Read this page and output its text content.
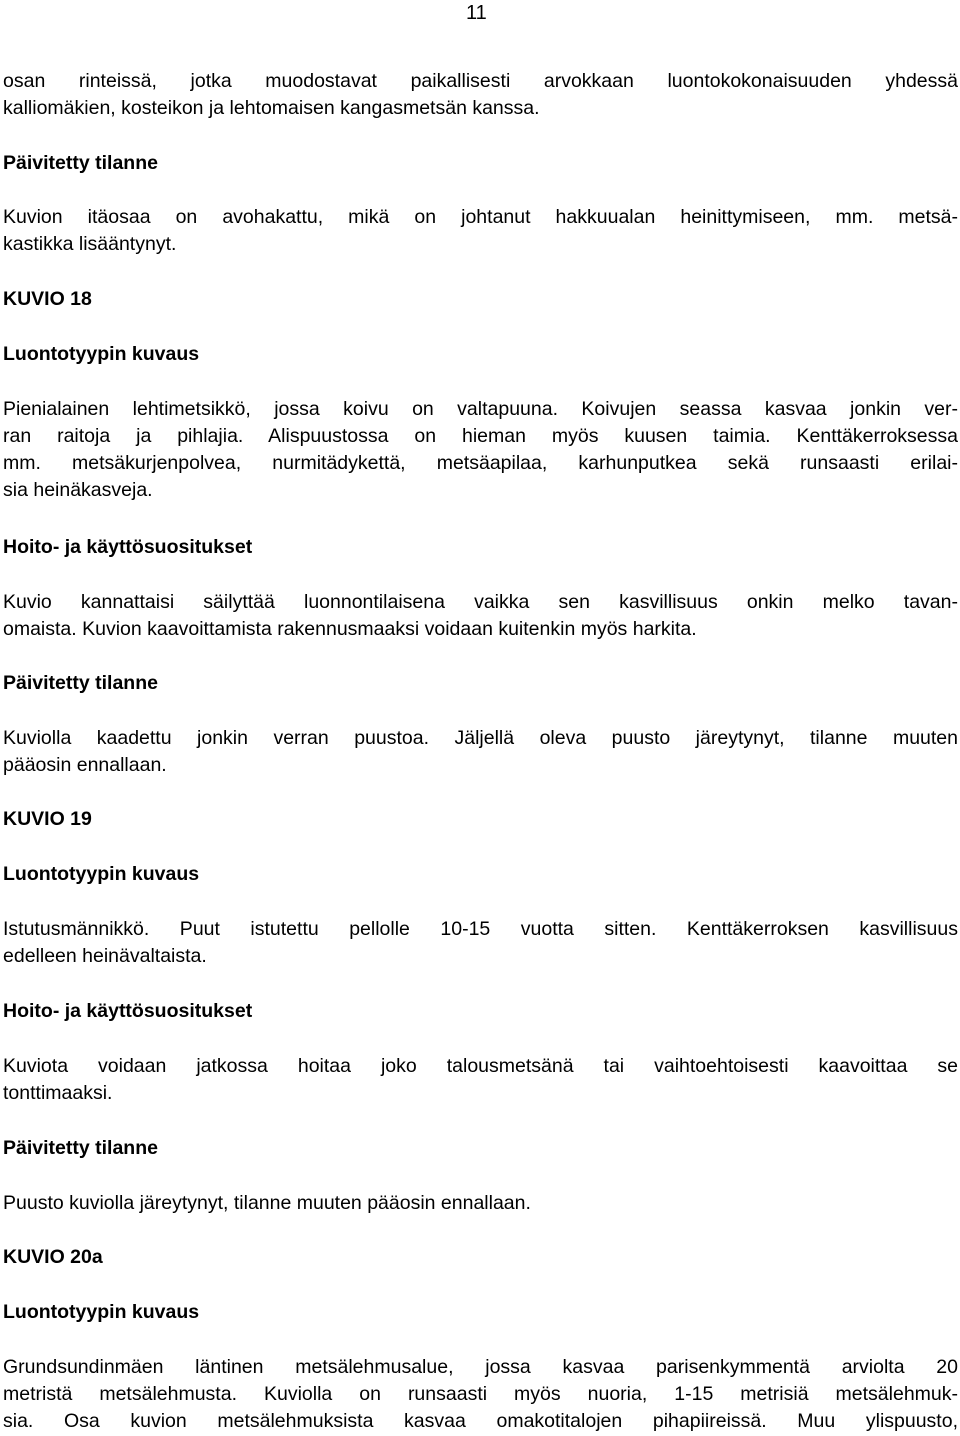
11
osan rinteissä, jotka muodostavat paikallisesti arvokkaan luontokokonaisuuden yhdessä
kalliomäkien, kosteikon ja lehtomaisen kangasmetsän kanssa.
Päivitetty tilanne
Kuvion itäosaa on avohakattu, mikä on johtanut hakkuualan heinittymiseen, mm. metsä-
kastikka lisääntynyt.
KUVIO 18
Luontotyypin kuvaus
Pienialainen lehtimetsikkö, jossa koivu on valtapuuna. Koivujen seassa kasvaa jonkin ver-
ran raitoja ja pihlajia. Alispuustossa on hieman myös kuusen taimia. Kenttäkerroksessa
mm. metsäkurjenpolvea, nurmitädykettä, metsäapilaa, karhunputkea sekä runsaasti erilai-
sia heinäkasveja.
Hoito- ja käyttösuositukset
Kuvio kannattaisi säilyttää luonnontilaisena vaikka sen kasvillisuus onkin melko tavan-
omaista. Kuvion kaavoittamista rakennusmaaksi voidaan kuitenkin myös harkita.
Päivitetty tilanne
Kuviolla kaadettu jonkin verran puustoa. Jäljellä oleva puusto järeytynyt, tilanne muuten
pääosin ennallaan.
KUVIO 19
Luontotyypin kuvaus
Istutusmännikkö. Puut istutettu pellolle 10-15 vuotta sitten. Kenttäkerroksen kasvillisuus
edelleen heinävaltaista.
Hoito- ja käyttösuositukset
Kuviota voidaan jatkossa hoitaa joko talousmetsänä tai vaihtoehtoisesti kaavoittaa se
tonttimaaksi.
Päivitetty tilanne
Puusto kuviolla järeytynyt, tilanne muuten pääosin ennallaan.
KUVIO 20a
Luontotyypin kuvaus
Grundsundinmäen läntinen metsälehmusalue, jossa kasvaa parisenkymmentä arviolta 20
metristä metsälehmusta. Kuviolla on runsaasti myös nuoria, 1-15 metrisiä metsälehmuk-
sia. Osa kuvion metsälehmuksista kasvaa omakotitalojen pihapiireissä. Muu ylispuusto,
